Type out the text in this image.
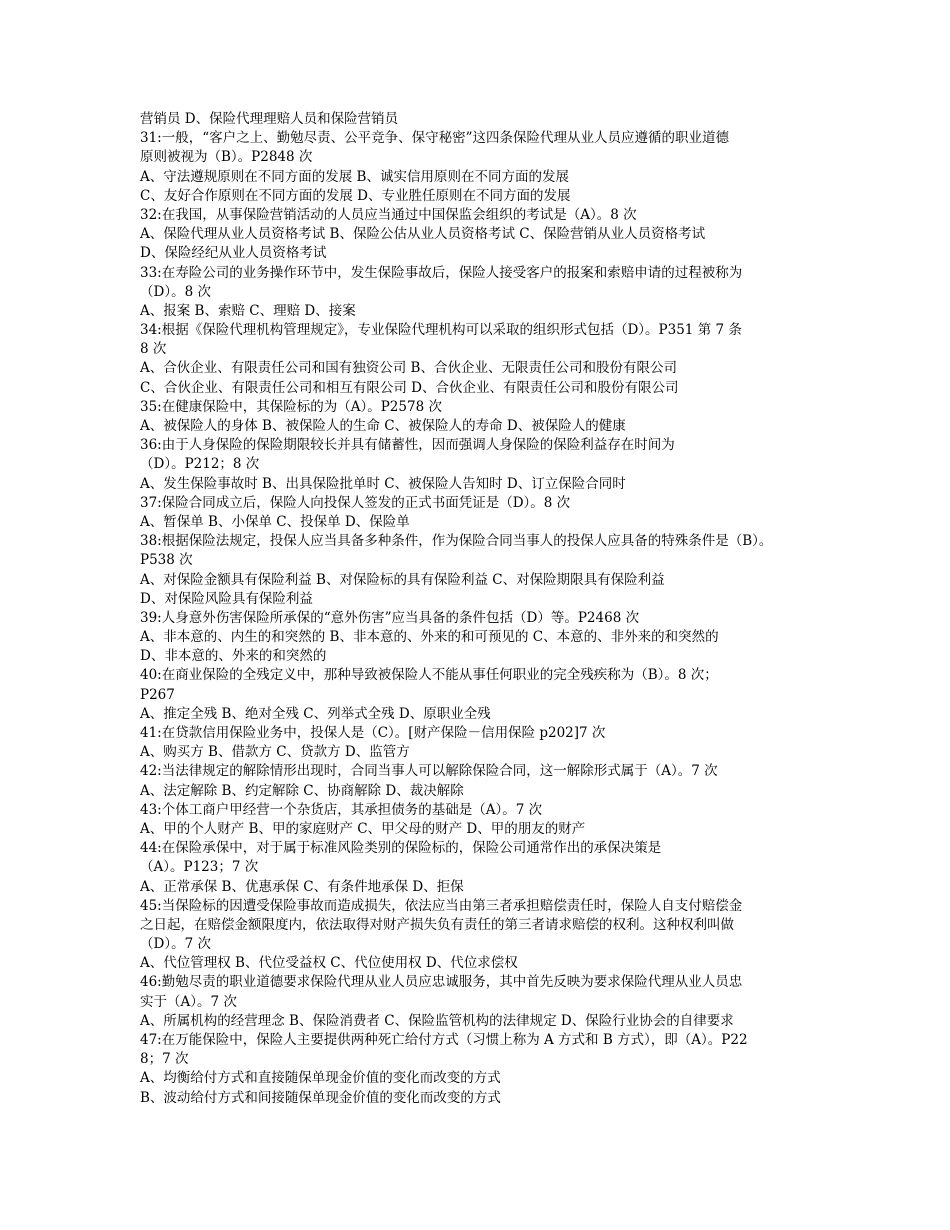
营销员 D、保险代理理赔人员和保险营销员
31:一般，“客户之上、勤勉尽责、公平竞争、保守秘密”这四条保险代理从业人员应遵循的职业道德
原则被视为（B）。P2848 次
A、守法遵规原则在不同方面的发展 B、诚实信用原则在不同方面的发展
C、友好合作原则在不同方面的发展 D、专业胜任原则在不同方面的发展
32:在我国，从事保险营销活动的人员应当通过中国保监会组织的考试是（A）。8 次
A、保险代理从业人员资格考试 B、保险公估从业人员资格考试 C、保险营销从业人员资格考试
D、保险经纪从业人员资格考试
33:在寿险公司的业务操作环节中，发生保险事故后，保险人接受客户的报案和索赔申请的过程被称为
（D）。8 次
A、报案 B、索赔 C、理赔 D、接案
34:根据《保险代理机构管理规定》，专业保险代理机构可以采取的组织形式包括（D）。P351 第 7 条
8 次
A、合伙企业、有限责任公司和国有独资公司 B、合伙企业、无限责任公司和股份有限公司
C、合伙企业、有限责任公司和相互有限公司 D、合伙企业、有限责任公司和股份有限公司
35:在健康保险中，其保险标的为（A）。P2578 次
A、被保险人的身体 B、被保险人的生命 C、被保险人的寿命 D、被保险人的健康
36:由于人身保险的保险期限较长并具有储蓄性，因而强调人身保险的保险利益存在时间为
（D）。P212；8 次
A、发生保险事故时 B、出具保险批单时 C、被保险人告知时 D、订立保险合同时
37:保险合同成立后，保险人向投保人签发的正式书面凭证是（D）。8 次
A、暂保单 B、小保单 C、投保单 D、保险单
38:根据保险法规定，投保人应当具备多种条件，作为保险合同当事人的投保人应具备的特殊条件是（B）。
P538 次
A、对保险金额具有保险利益 B、对保险标的具有保险利益 C、对保险期限具有保险利益
D、对保险风险具有保险利益
39:人身意外伤害保险所承保的“意外伤害”应当具备的条件包括（D）等。P2468 次
A、非本意的、内生的和突然的 B、非本意的、外来的和可预见的 C、本意的、非外来的和突然的
D、非本意的、外来的和突然的
40:在商业保险的全残定义中，那种导致被保险人不能从事任何职业的完全残疾称为（B）。8 次；
P267
A、推定全残 B、绝对全残 C、列举式全残 D、原职业全残
41:在贷款信用保险业务中，投保人是（C）。[财产保险－信用保险 p202]7 次
A、购买方 B、借款方 C、贷款方 D、监管方
42:当法律规定的解除情形出现时，合同当事人可以解除保险合同，这一解除形式属于（A）。7 次
A、法定解除 B、约定解除 C、协商解除 D、裁决解除
43:个体工商户甲经营一个杂货店，其承担债务的基础是（A）。7 次
A、甲的个人财产 B、甲的家庭财产 C、甲父母的财产 D、甲的朋友的财产
44:在保险承保中，对于属于标准风险类别的保险标的，保险公司通常作出的承保决策是
（A）。P123；7 次
A、正常承保 B、优惠承保 C、有条件地承保 D、拒保
45:当保险标的因遭受保险事故而造成损失，依法应当由第三者承担赔偿责任时，保险人自支付赔偿金
之日起，在赔偿金额限度内，依法取得对财产损失负有责任的第三者请求赔偿的权利。这种权利叫做
（D）。7 次
A、代位管理权 B、代位受益权 C、代位使用权 D、代位求偿权
46:勤勉尽责的职业道德要求保险代理从业人员应忠诚服务，其中首先反映为要求保险代理从业人员忠
实于（A）。7 次
A、所属机构的经营理念 B、保险消费者 C、保险监管机构的法律规定 D、保险行业协会的自律要求
47:在万能保险中，保险人主要提供两种死亡给付方式（习惯上称为 A 方式和 B 方式），即（A）。P22
8；7 次
A、均衡给付方式和直接随保单现金价值的变化而改变的方式
B、波动给付方式和间接随保单现金价值的变化而改变的方式
